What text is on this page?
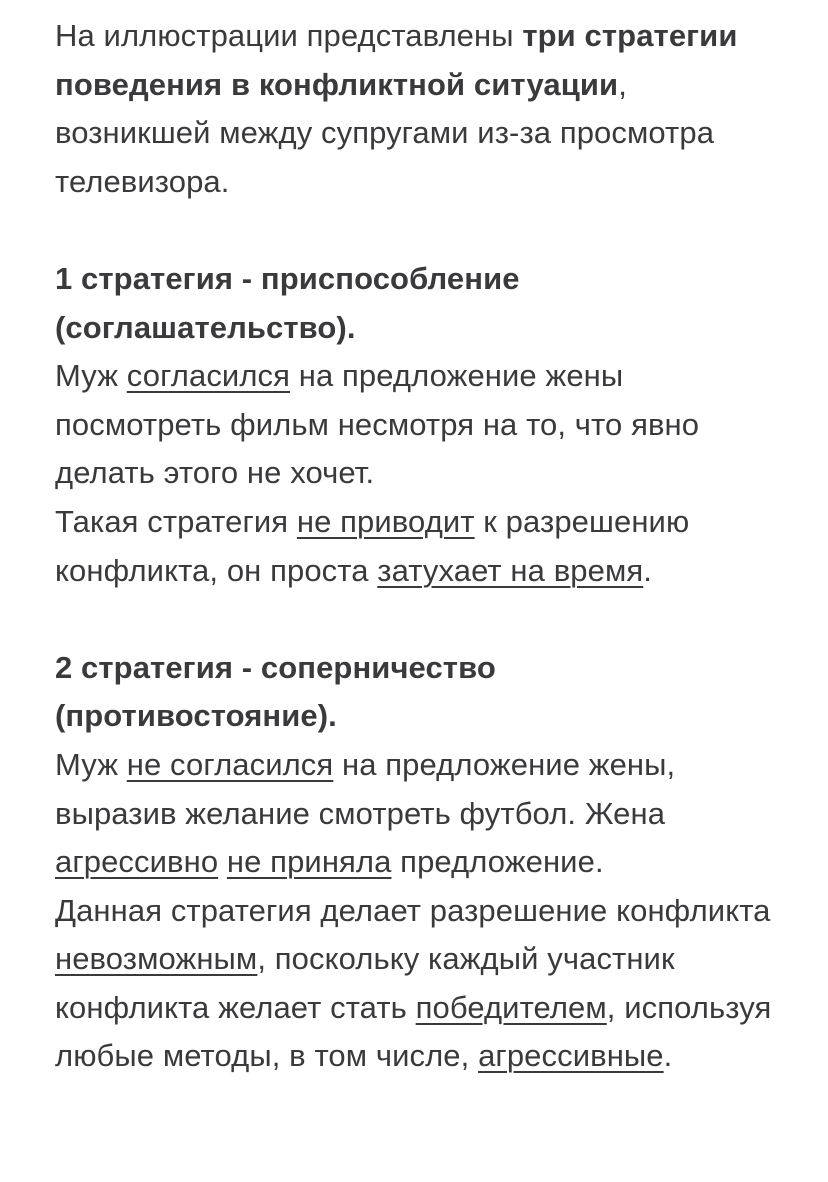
На иллюстрации представлены три стратегии поведения в конфликтной ситуации, возникшей между супругами из-за просмотра телевизора.

1 стратегия - приспособление (соглашательство).

Муж согласился на предложение жены посмотреть фильм несмотря на то, что явно делать этого не хочет.

Такая стратегия не приводит к разрешению конфликта, он проста затухает на время.

2 стратегия - соперничество (противостояние).

Муж не согласился на предложение жены, выразив желание смотреть футбол. Жена агрессивно не приняла предложение.

Данная стратегия делает разрешение конфликта невозможным, поскольку каждый участник конфликта желает стать победителем, используя любые методы, в том числе, агрессивные.
